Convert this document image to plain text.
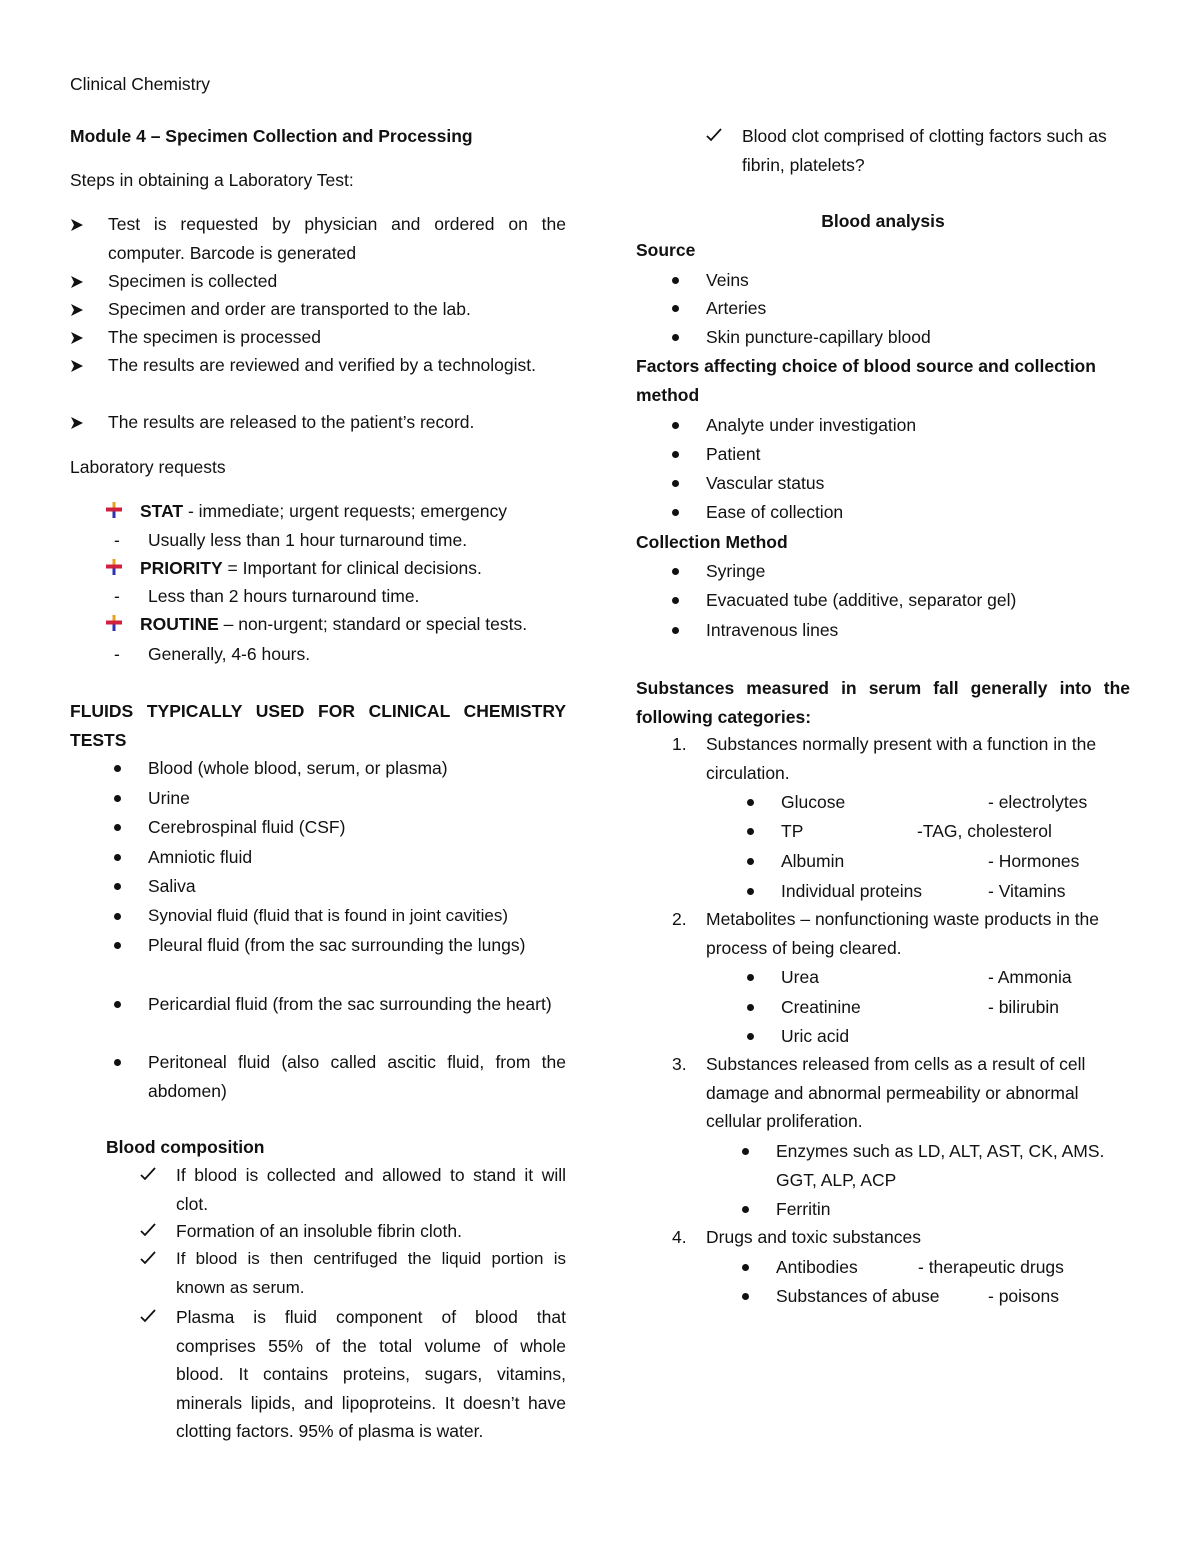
Clinical Chemistry
Module 4 – Specimen Collection and Processing
Steps in obtaining a Laboratory Test:
Test is requested by physician and ordered on the computer. Barcode is generated
Specimen is collected
Specimen and order are transported to the lab.
The specimen is processed
The results are reviewed and verified by a technologist.
The results are released to the patient’s record.
Laboratory requests
STAT - immediate; urgent requests; emergency
- Usually less than 1 hour turnaround time.
PRIORITY = Important for clinical decisions.
- Less than 2 hours turnaround time.
ROUTINE – non-urgent; standard or special tests.
- Generally, 4-6 hours.
FLUIDS TYPICALLY USED FOR CLINICAL CHEMISTRY TESTS
Blood (whole blood, serum, or plasma)
Urine
Cerebrospinal fluid (CSF)
Amniotic fluid
Saliva
Synovial fluid (fluid that is found in joint cavities)
Pleural fluid (from the sac surrounding the lungs)
Pericardial fluid (from the sac surrounding the heart)
Peritoneal fluid (also called ascitic fluid, from the abdomen)
Blood composition
If blood is collected and allowed to stand it will clot.
Formation of an insoluble fibrin cloth.
If blood is then centrifuged the liquid portion is known as serum.
Plasma is fluid component of blood that comprises 55% of the total volume of whole blood. It contains proteins, sugars, vitamins, minerals lipids, and lipoproteins. It doesn’t have clotting factors. 95% of plasma is water.
Blood clot comprised of clotting factors such as fibrin, platelets?
Blood analysis
Source
Veins
Arteries
Skin puncture-capillary blood
Factors affecting choice of blood source and collection method
Analyte under investigation
Patient
Vascular status
Ease of collection
Collection Method
Syringe
Evacuated tube (additive, separator gel)
Intravenous lines
Substances measured in serum fall generally into the following categories:
1. Substances normally present with a function in the circulation.
Glucose	- electrolytes
TP	-TAG, cholesterol
Albumin	- Hormones
Individual proteins	- Vitamins
2. Metabolites – nonfunctioning waste products in the process of being cleared.
Urea	- Ammonia
Creatinine	- bilirubin
Uric acid
3. Substances released from cells as a result of cell damage and abnormal permeability or abnormal cellular proliferation.
Enzymes such as LD, ALT, AST, CK, AMS. GGT, ALP, ACP
Ferritin
4. Drugs and toxic substances
Antibodies	- therapeutic drugs
Substances of abuse	- poisons
